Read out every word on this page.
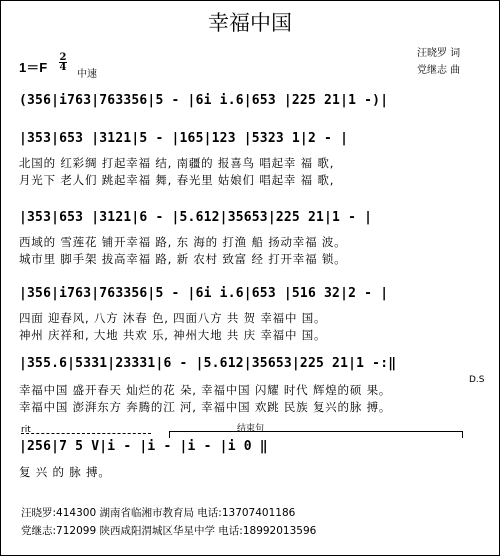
幸福中国
汪晓罗 词
党继志 曲
1＝F
2
4
中速
(356|i763|763356|5 - |6i i.6|653 |225 21|1 -)|
|353|653 |3121|5 - |165|123 |5323 1|2 - |
北国的 红彩绸 打起幸福 结, 南疆的 报喜鸟 唱起幸 福 歌,
月光下 老人们 跳起幸福 舞, 春光里 姑娘们 唱起幸 福 歌,
|353|653 |3121|6 - |5.612|35653|225 21|1 - |
西域的 雪莲花 铺开幸福 路, 东 海的 打渔 船 扬动幸福 波。
城市里 脚手架 拔高幸福 路, 新 农村 致富 经 打开幸福 锁。
|356|i763|763356|5 - |6i i.6|653 |516 32|2 - |
四面 迎春风, 八方 沐春 色, 四面八方 共 贺 幸福中 国。
神州 庆祥和, 大地 共欢 乐, 神州大地 共 庆 幸福中 国。
|355.6|5331|23331|6 - |5.612|35653|225 21|1 -:‖
D.S
幸福中国 盛开春天 灿烂的花 朵, 幸福中国 闪耀 时代 辉煌的硕 果。
幸福中国 澎湃东方 奔腾的江 河, 幸福中国 欢跳 民族 复兴的脉 搏。
rit	结束句
|256|7 5 V|i - |i - |i - |i 0 ‖
复 兴 的 脉 搏。
汪晓罗:414300 湖南省临湘市教育局 电话:13707401186
党继志:712099 陕西咸阳渭城区华星中学 电话:18992013596
